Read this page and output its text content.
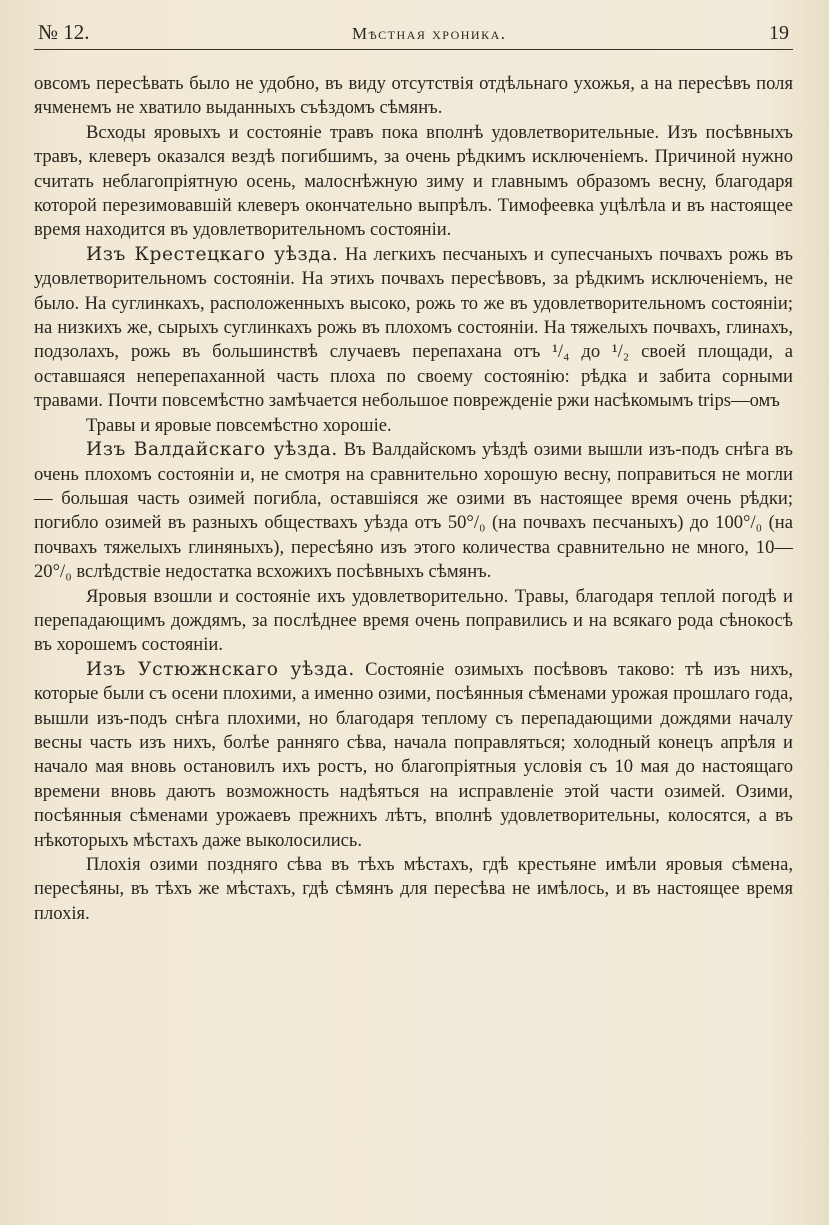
№ 12.	Мѣстная хроника.	19

овсомъ пересѣвать было не удобно, въ виду отсутствія отдѣльнаго ухожья, а на пересѣвъ поля ячменемъ не хватило выданныхъ съѣздомъ сѣмянъ.

Всходы яровыхъ и состояніе травъ пока вполнѣ удовлетворительные. Изъ посѣвныхъ травъ, клеверъ оказался вездѣ погибшимъ, за очень рѣдкимъ исключеніемъ. Причиной нужно считать неблагопріятную осень, малоснѣжную зиму и главнымъ образомъ весну, благодаря которой перезимовавшій клеверъ окончательно выпрѣлъ. Тимофеевка уцѣлѣла и въ настоящее время находится въ удовлетворительномъ состояніи.

Изъ Крестецкаго уѣзда. На легкихъ песчаныхъ и супесчаныхъ почвахъ рожь въ удовлетворительномъ состояніи. На этихъ почвахъ пересѣвовъ, за рѣдкимъ исключеніемъ, не было. На суглинкахъ, расположенныхъ высоко, рожь то же въ удовлетворительномъ состояніи; на низкихъ же, сырыхъ суглинкахъ рожь въ плохомъ состояніи. На тяжелыхъ почвахъ, глинахъ, подзолахъ, рожь въ большинствѣ случаевъ перепахана отъ ¹/₄ до ¹/₂ своей площади, а оставшаяся неперепаханной часть плоха по своему состоянію: рѣдка и забита сорными травами. Почти повсемѣстно замѣчается небольшое поврежденіе ржи насѣкомымъ trips—омъ

Травы и яровые повсемѣстно хорошіе.

Изъ Валдайскаго уѣзда. Въ Валдайскомъ уѣздѣ озими вышли изъ-подъ снѣга въ очень плохомъ состояніи и, не смотря на сравнительно хорошую весну, поправиться не могли — большая часть озимей погибла, оставшіяся же озими въ настоящее время очень рѣдки; погибло озимей въ разныхъ обществахъ уѣзда отъ 50°/₀ (на почвахъ песчаныхъ) до 100°/₀ (на почвахъ тяжелыхъ глиняныхъ), пересѣяно изъ этого количества сравнительно не много, 10—20°/₀ вслѣдствіе недостатка всхожихъ посѣвныхъ сѣмянъ.

Яровыя взошли и состояніе ихъ удовлетворительно. Травы, благодаря теплой погодѣ и перепадающимъ дождямъ, за послѣднее время очень поправились и на всякаго рода сѣнокосѣ въ хорошемъ состояніи.

Изъ Устюжнскаго уѣзда. Состояніе озимыхъ посѣвовъ таково: тѣ изъ нихъ, которые были съ осени плохими, а именно озими, посѣянныя сѣменами урожая прошлаго года, вышли изъ-подъ снѣга плохими, но благодаря теплому съ перепадающими дождями началу весны часть изъ нихъ, болѣе ранняго сѣва, начала поправляться; холодный конецъ апрѣля и начало мая вновь остановилъ ихъ ростъ, но благопріятныя условія съ 10 мая до настоящаго времени вновь даютъ возможность надѣяться на исправленіе этой части озимей. Озими, посѣянныя сѣменами урожаевъ прежнихъ лѣтъ, вполнѣ удовлетворительны, колосятся, а въ нѣкоторыхъ мѣстахъ даже выколосились.

Плохія озими поздняго сѣва въ тѣхъ мѣстахъ, гдѣ крестьяне имѣли яровыя сѣмена, пересѣяны, въ тѣхъ же мѣстахъ, гдѣ сѣмянъ для пересѣва не имѣлось, и въ настоящее время плохія.
